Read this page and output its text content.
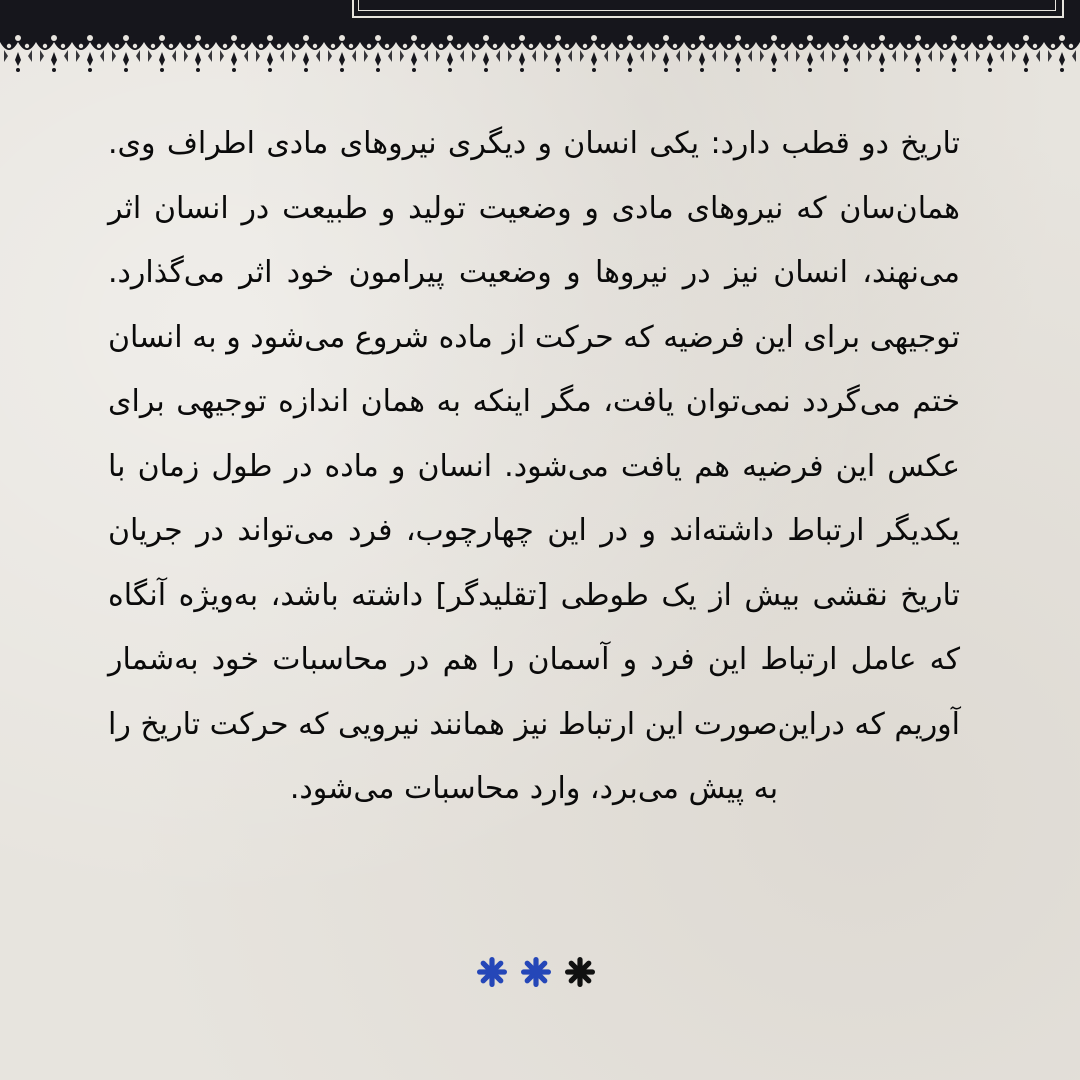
تاریخ دو قطب دارد: یکی انسان و دیگری نیروهای مادی اطراف وی. همان‌سان که نیروهای مادی و وضعیت تولید و طبیعت در انسان اثر می‌نهند، انسان نیز در نیروها و وضعیت پیرامون خود اثر می‌گذارد. توجیهی برای این فرضیه که حرکت از ماده شروع می‌شود و به انسان ختم می‌گردد نمی‌توان یافت، مگر اینکه به همان اندازه توجیهی برای عکس این فرضیه هم یافت می‌شود. انسان و ماده در طول زمان با یکدیگر ارتباط داشته‌اند و در این چهارچوب، فرد می‌تواند در جریان تاریخ نقشی بیش از یک طوطی [تقلیدگر] داشته باشد، به‌ویژه آنگاه که عامل ارتباط این فرد و آسمان را هم در محاسبات خود به‌شمار آوریم که دراین‌صورت این ارتباط نیز همانند نیرویی که حرکت تاریخ را به پیش می‌برد، وارد محاسبات می‌شود.
